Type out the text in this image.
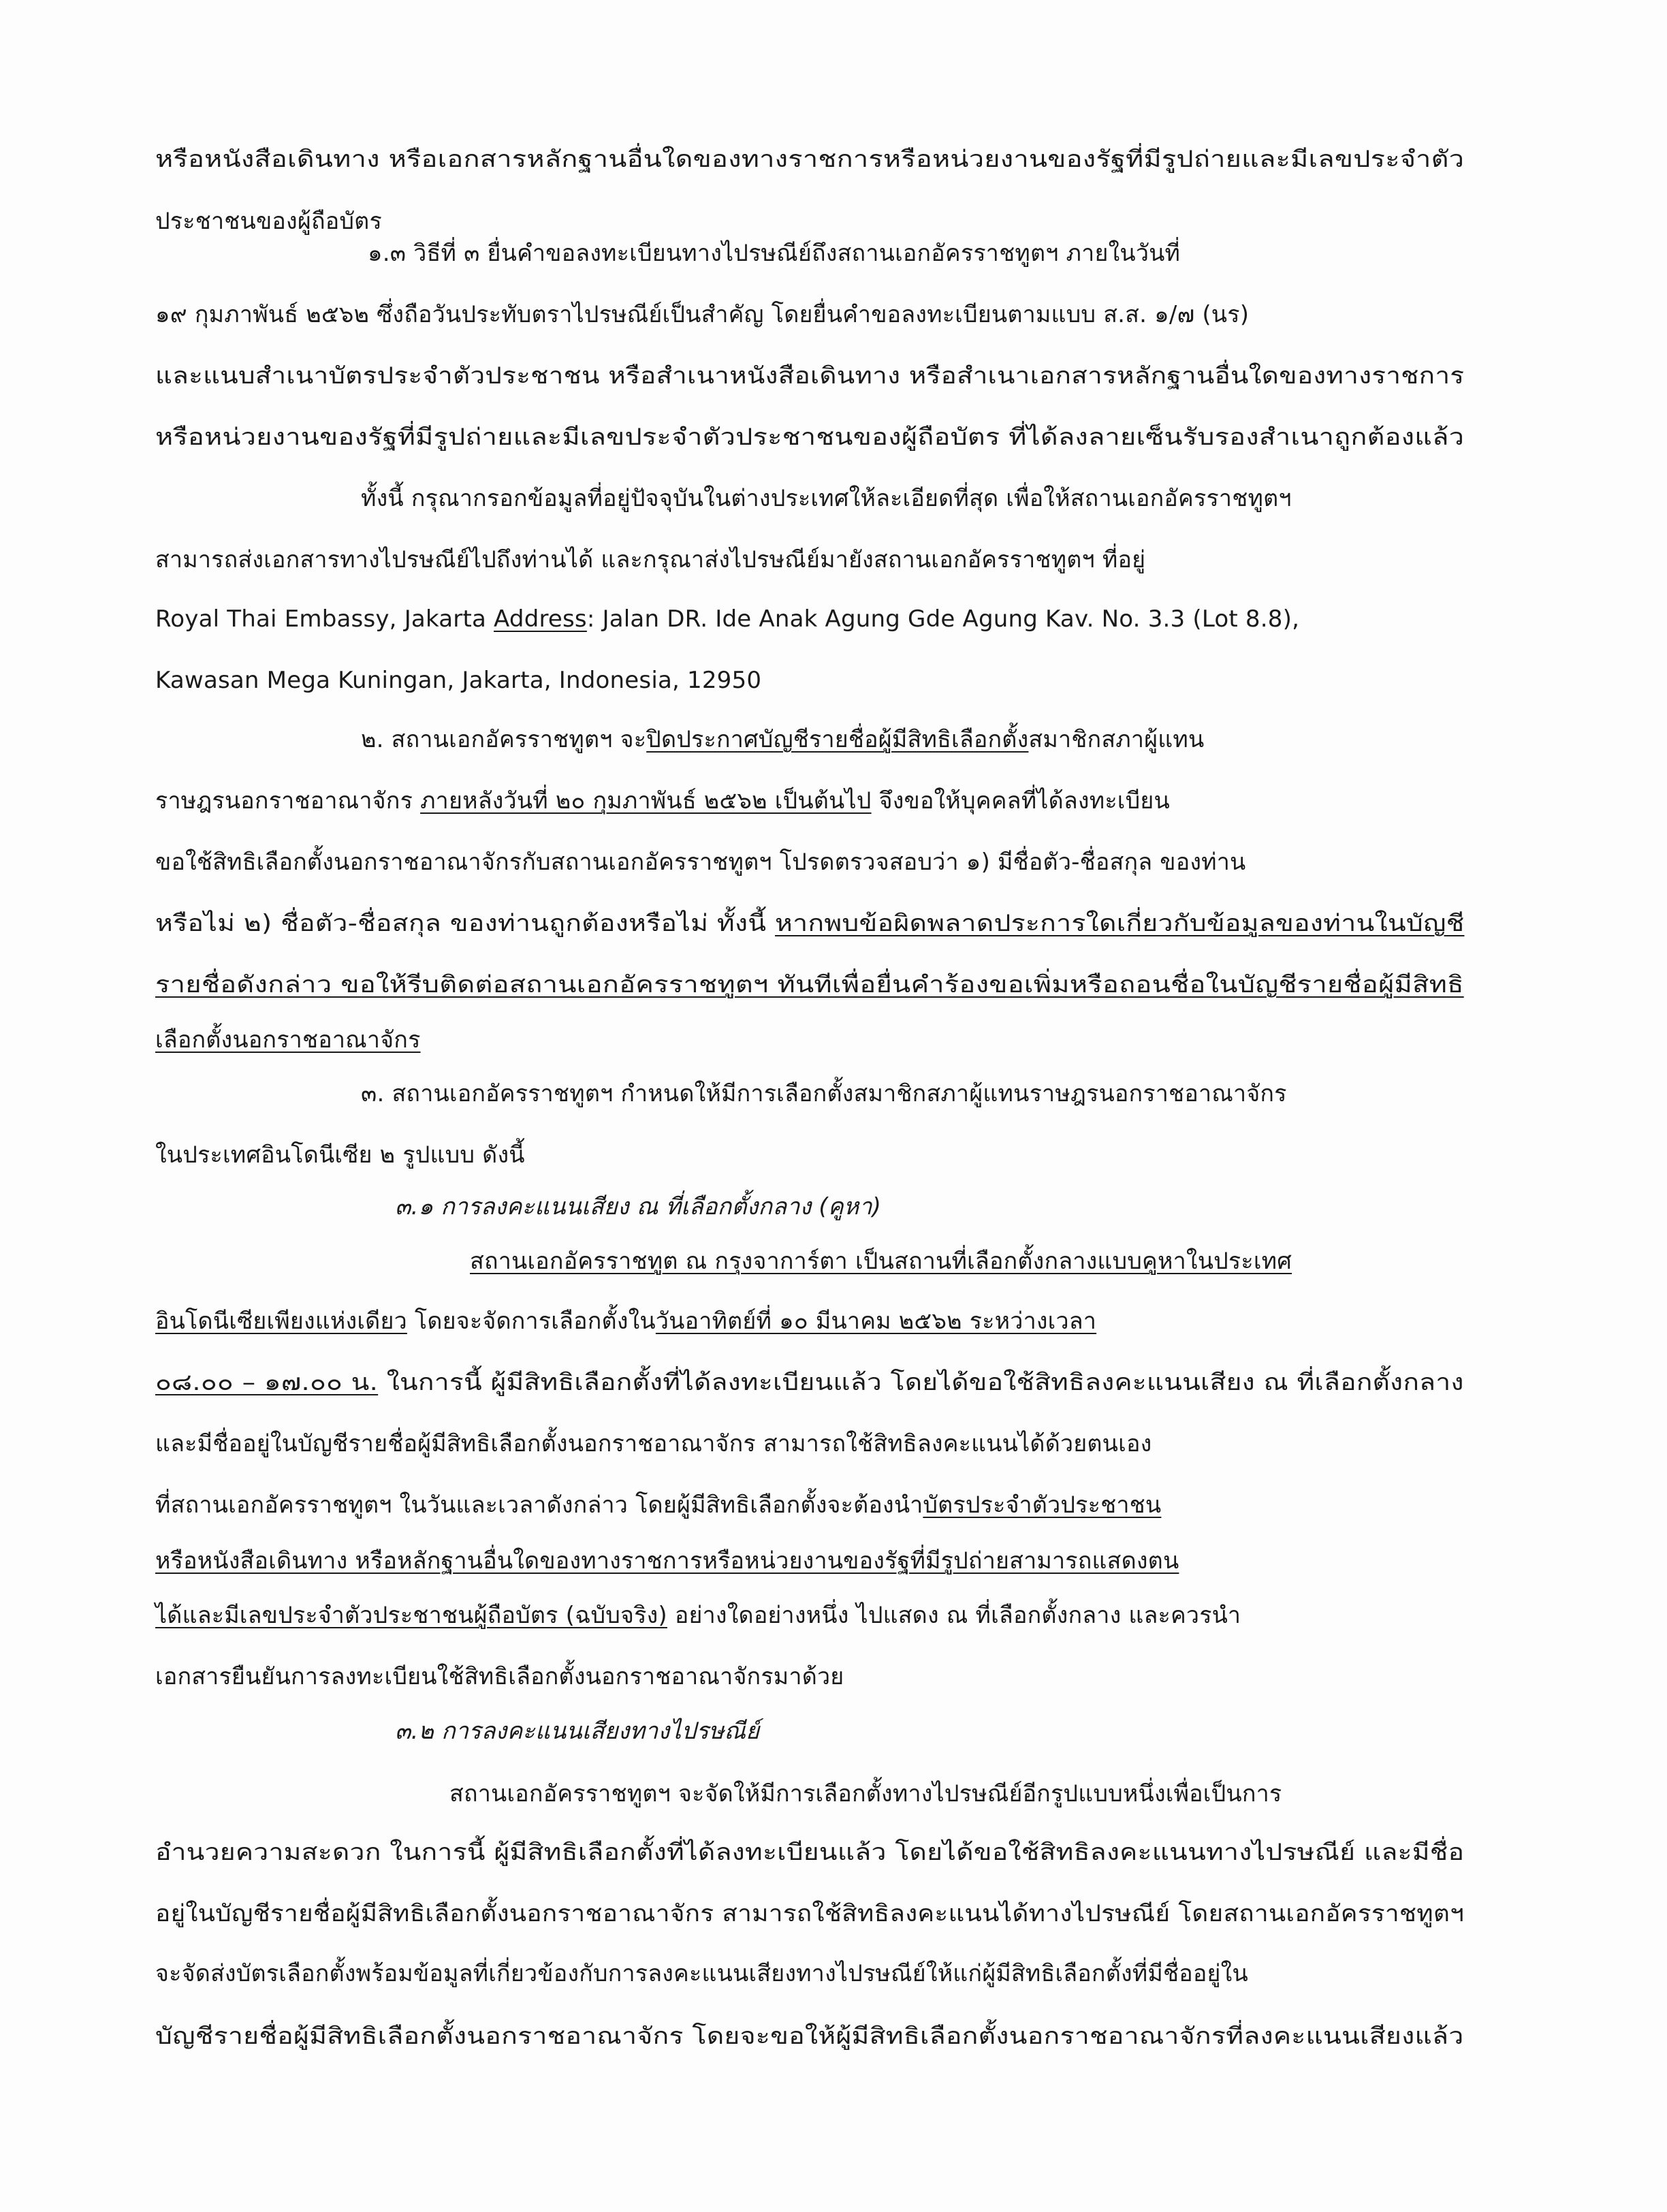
หรือหนังสือเดินทาง หรือเอกสารหลักฐานอื่นใดของทางราชการหรือหน่วยงานของรัฐที่มีรูปถ่ายและมีเลขประจำตัว
ประชาชนของผู้ถือบัตร
๑.๓ วิธีที่ ๓ ยื่นคำขอลงทะเบียนทางไปรษณีย์ถึงสถานเอกอัครราชทูตฯ ภายในวันที่
๑๙ กุมภาพันธ์ ๒๕๖๒ ซึ่งถือวันประทับตราไปรษณีย์เป็นสำคัญ โดยยื่นคำขอลงทะเบียนตามแบบ ส.ส. ๑/๗ (นร)
และแนบสำเนาบัตรประจำตัวประชาชน หรือสำเนาหนังสือเดินทาง หรือสำเนาเอกสารหลักฐานอื่นใดของทางราชการ
หรือหน่วยงานของรัฐที่มีรูปถ่ายและมีเลขประจำตัวประชาชนของผู้ถือบัตร ที่ได้ลงลายเซ็นรับรองสำเนาถูกต้องแล้ว
ทั้งนี้ กรุณากรอกข้อมูลที่อยู่ปัจจุบันในต่างประเทศให้ละเอียดที่สุด เพื่อให้สถานเอกอัครราชทูตฯ
สามารถส่งเอกสารทางไปรษณีย์ไปถึงท่านได้ และกรุณาส่งไปรษณีย์มายังสถานเอกอัครราชทูตฯ ที่อยู่
Royal Thai Embassy, Jakarta Address: Jalan DR. Ide Anak Agung Gde Agung Kav. No. 3.3 (Lot 8.8),
Kawasan Mega Kuningan, Jakarta, Indonesia, 12950
๒. สถานเอกอัครราชทูตฯ จะปิดประกาศบัญชีรายชื่อผู้มีสิทธิเลือกตั้งสมาชิกสภาผู้แทน
ราษฎรนอกราชอาณาจักร ภายหลังวันที่ ๒๐ กุมภาพันธ์ ๒๕๖๒ เป็นต้นไป จึงขอให้บุคคลที่ได้ลงทะเบียน
ขอใช้สิทธิเลือกตั้งนอกราชอาณาจักรกับสถานเอกอัครราชทูตฯ โปรดตรวจสอบว่า ๑) มีชื่อตัว-ชื่อสกุล ของท่าน
หรือไม่ ๒) ชื่อตัว-ชื่อสกุล ของท่านถูกต้องหรือไม่ ทั้งนี้ หากพบข้อผิดพลาดประการใดเกี่ยวกับข้อมูลของท่านในบัญชี
รายชื่อดังกล่าว ขอให้รีบติดต่อสถานเอกอัครราชทูตฯ ทันทีเพื่อยื่นคำร้องขอเพิ่มหรือถอนชื่อในบัญชีรายชื่อผู้มีสิทธิ
เลือกตั้งนอกราชอาณาจักร
๓. สถานเอกอัครราชทูตฯ กำหนดให้มีการเลือกตั้งสมาชิกสภาผู้แทนราษฎรนอกราชอาณาจักร
ในประเทศอินโดนีเซีย ๒ รูปแบบ ดังนี้
๓.๑ การลงคะแนนเสียง ณ ที่เลือกตั้งกลาง (คูหา)
สถานเอกอัครราชทูต ณ กรุงจาการ์ตา เป็นสถานที่เลือกตั้งกลางแบบคูหาในประเทศ
อินโดนีเซียเพียงแห่งเดียว โดยจะจัดการเลือกตั้งในวันอาทิตย์ที่ ๑๐ มีนาคม ๒๕๖๒ ระหว่างเวลา
๐๘.๐๐ – ๑๗.๐๐ น. ในการนี้ ผู้มีสิทธิเลือกตั้งที่ได้ลงทะเบียนแล้ว โดยได้ขอใช้สิทธิลงคะแนนเสียง ณ ที่เลือกตั้งกลาง
และมีชื่ออยู่ในบัญชีรายชื่อผู้มีสิทธิเลือกตั้งนอกราชอาณาจักร สามารถใช้สิทธิลงคะแนนได้ด้วยตนเอง
ที่สถานเอกอัครราชทูตฯ ในวันและเวลาดังกล่าว โดยผู้มีสิทธิเลือกตั้งจะต้องนำบัตรประจำตัวประชาชน
หรือหนังสือเดินทาง หรือหลักฐานอื่นใดของทางราชการหรือหน่วยงานของรัฐที่มีรูปถ่ายสามารถแสดงตน
ได้และมีเลขประจำตัวประชาชนผู้ถือบัตร (ฉบับจริง) อย่างใดอย่างหนึ่ง ไปแสดง ณ ที่เลือกตั้งกลาง และควรนำ
เอกสารยืนยันการลงทะเบียนใช้สิทธิเลือกตั้งนอกราชอาณาจักรมาด้วย
๓.๒ การลงคะแนนเสียงทางไปรษณีย์
สถานเอกอัครราชทูตฯ จะจัดให้มีการเลือกตั้งทางไปรษณีย์อีกรูปแบบหนึ่งเพื่อเป็นการ
อำนวยความสะดวก ในการนี้ ผู้มีสิทธิเลือกตั้งที่ได้ลงทะเบียนแล้ว โดยได้ขอใช้สิทธิลงคะแนนทางไปรษณีย์ และมีชื่อ
อยู่ในบัญชีรายชื่อผู้มีสิทธิเลือกตั้งนอกราชอาณาจักร สามารถใช้สิทธิลงคะแนนได้ทางไปรษณีย์ โดยสถานเอกอัครราชทูตฯ
จะจัดส่งบัตรเลือกตั้งพร้อมข้อมูลที่เกี่ยวข้องกับการลงคะแนนเสียงทางไปรษณีย์ให้แก่ผู้มีสิทธิเลือกตั้งที่มีชื่ออยู่ใน
บัญชีรายชื่อผู้มีสิทธิเลือกตั้งนอกราชอาณาจักร โดยจะขอให้ผู้มีสิทธิเลือกตั้งนอกราชอาณาจักรที่ลงคะแนนเสียงแล้ว
